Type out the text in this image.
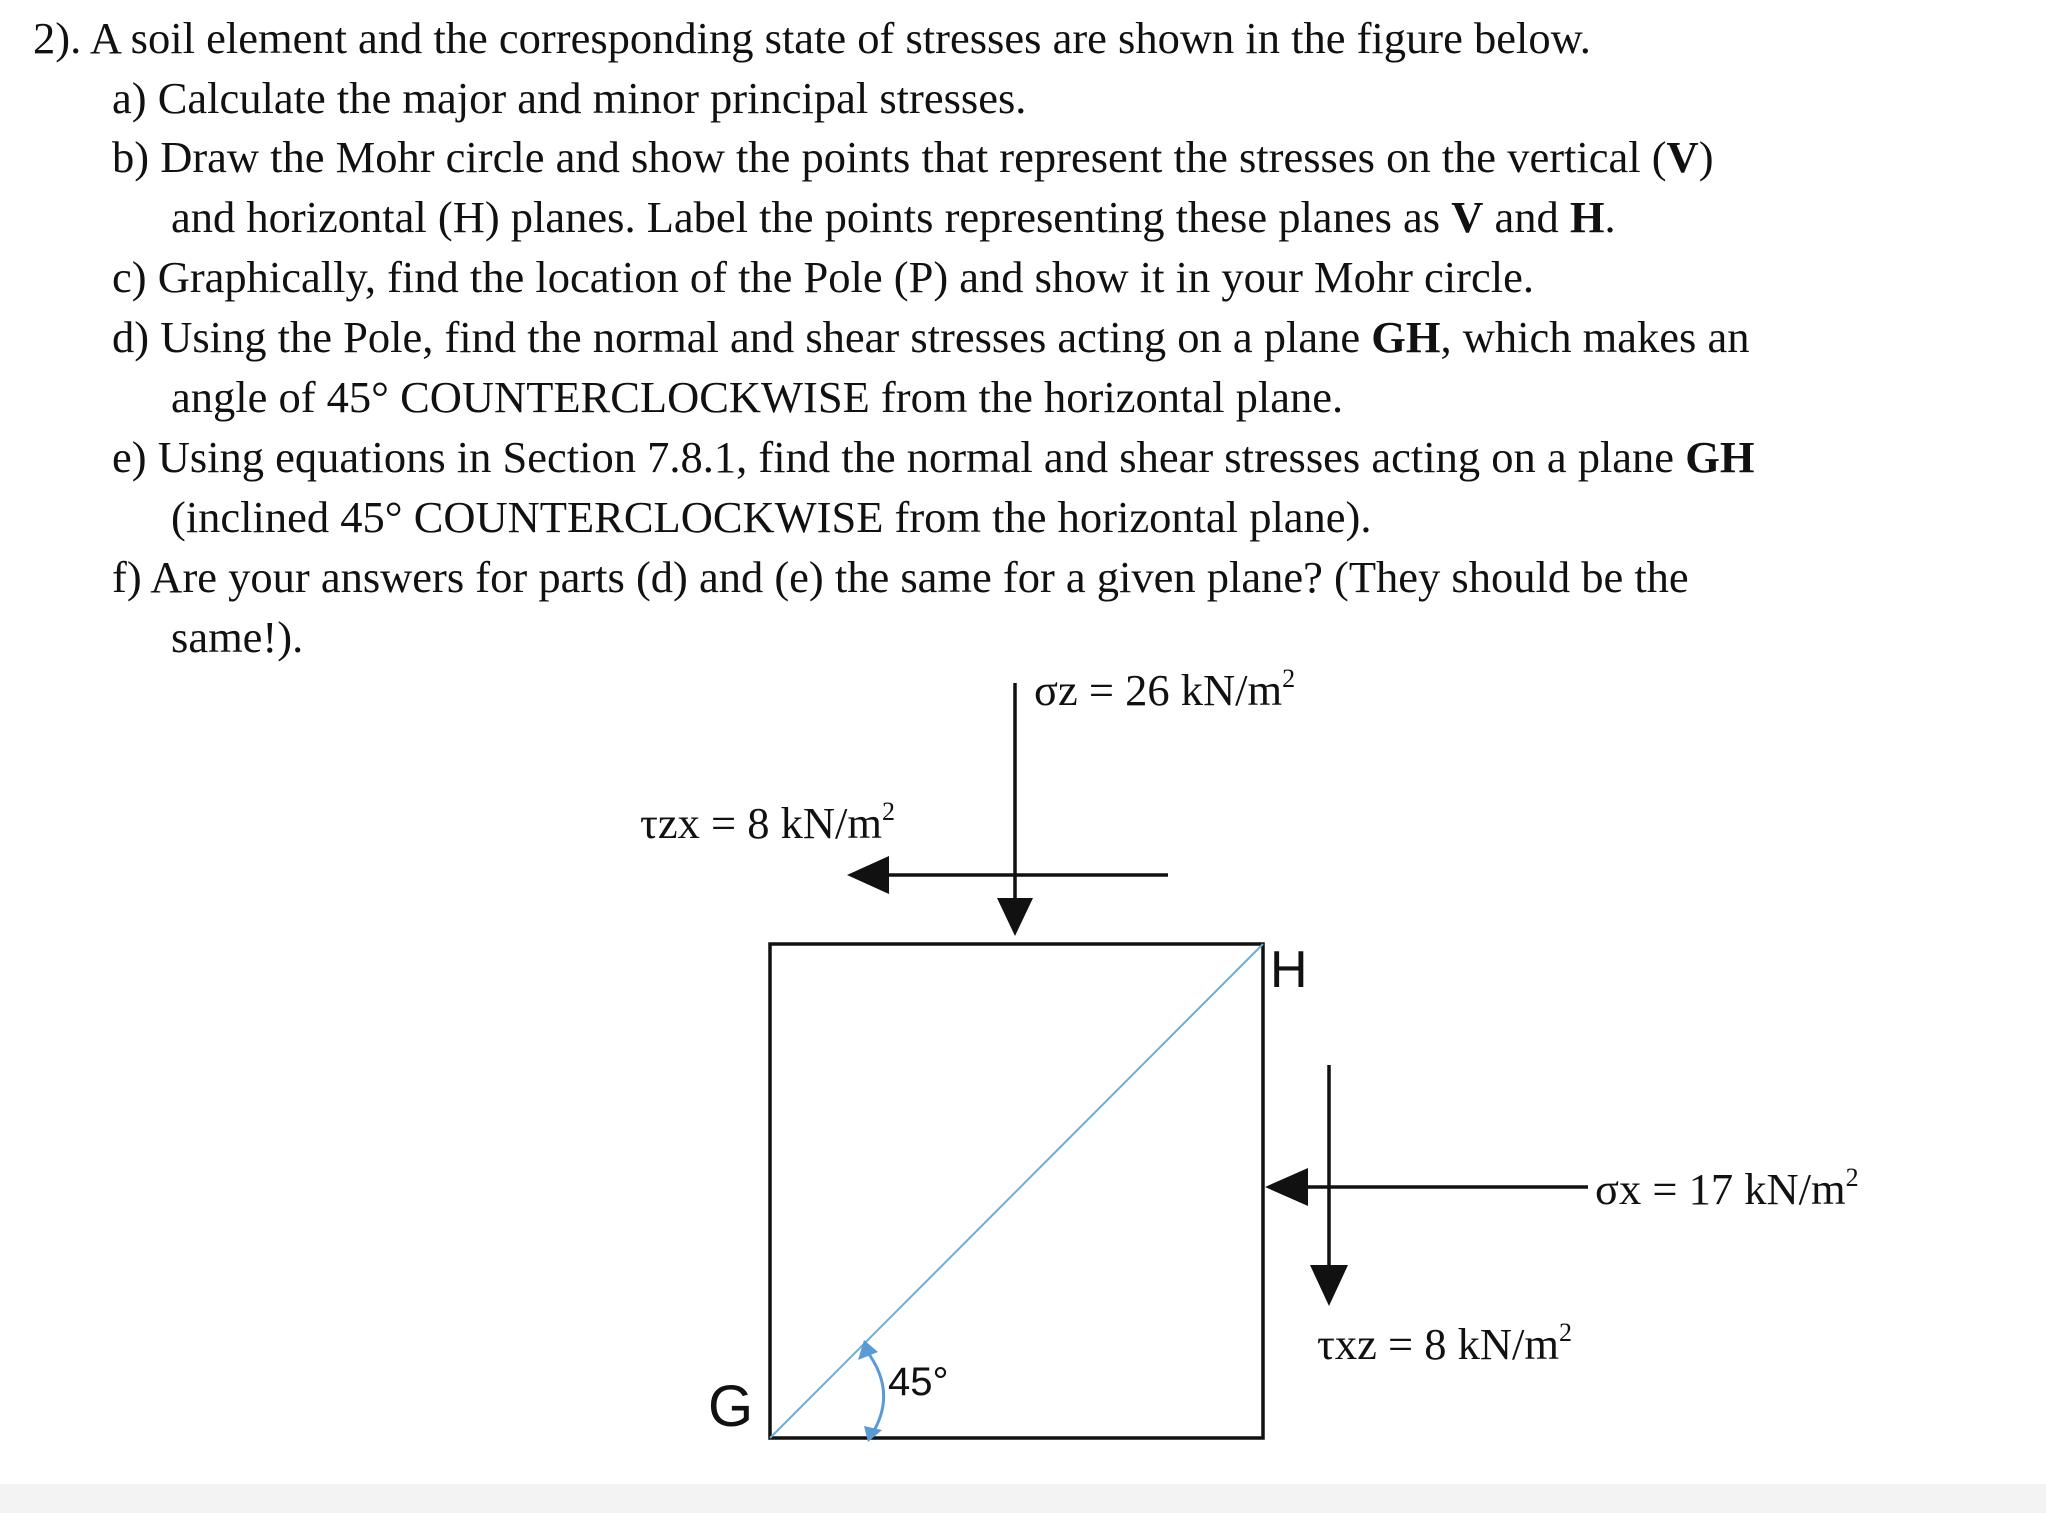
2). A soil element and the corresponding state of stresses are shown in the figure below.
a) Calculate the major and minor principal stresses.
b) Draw the Mohr circle and show the points that represent the stresses on the vertical (V)
and horizontal (H) planes. Label the points representing these planes as V and H.
c) Graphically, find the location of the Pole (P) and show it in your Mohr circle.
d) Using the Pole, find the normal and shear stresses acting on a plane GH, which makes an
angle of 45° COUNTERCLOCKWISE from the horizontal plane.
e) Using equations in Section 7.8.1, find the normal and shear stresses acting on a plane GH
(inclined 45° COUNTERCLOCKWISE from the horizontal plane).
f) Are your answers for parts (d) and (e) the same for a given plane? (They should be the
same!).
σz = 26 $kN/m^2$
τzx = 8 $kN/m^2$
σx = 17 $kN/m^2$
τxz = 8 $kN/m^2$
H
G	45°
